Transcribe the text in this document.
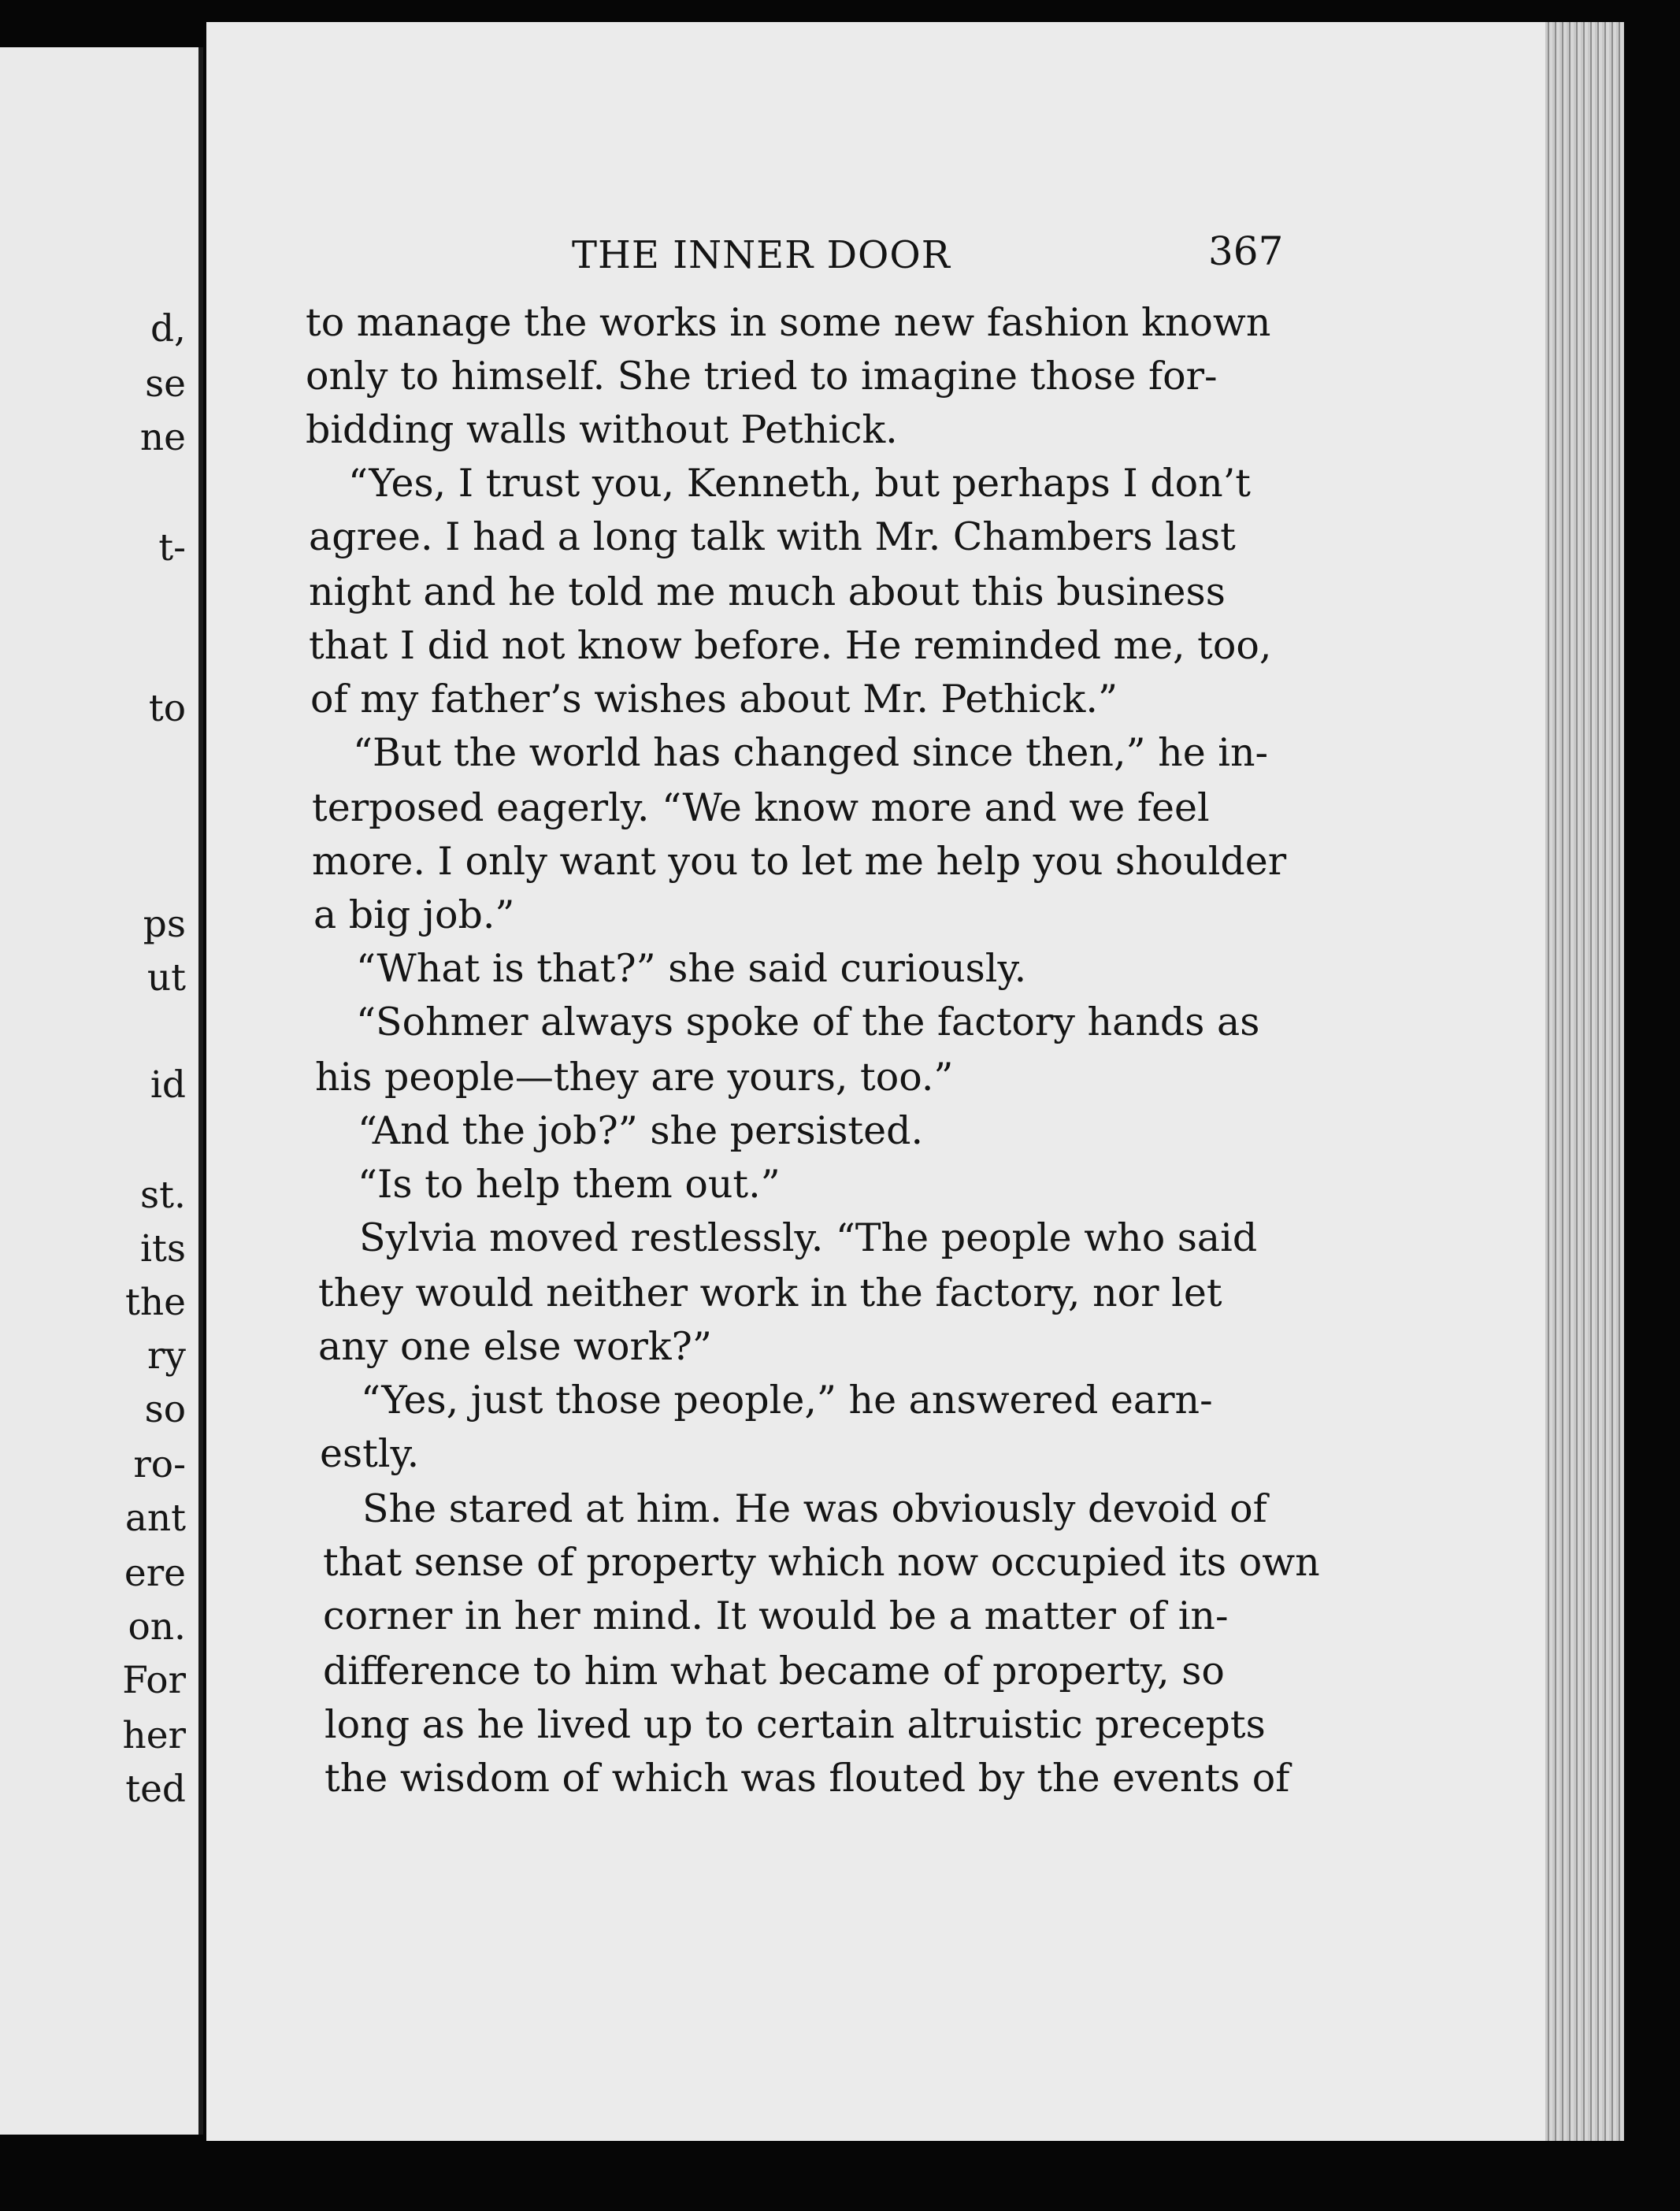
d,
se
ne
t-
to
ps
ut
id
st.
its
the
ry
so
ro-
ant
ere
on.
For
her
ted
THE INNER DOOR	367
to manage the works in some new fashion known
only to himself. She tried to imagine those for-
bidding walls without Pethick.
“Yes, I trust you, Kenneth, but perhaps I don’t
agree. I had a long talk with Mr. Chambers last
night and he told me much about this business
that I did not know before. He reminded me, too,
of my father’s wishes about Mr. Pethick.”
“But the world has changed since then,” he in-
terposed eagerly. “We know more and we feel
more. I only want you to let me help you shoulder
a big job.”
“What is that?” she said curiously.
“Sohmer always spoke of the factory hands as
his people—they are yours, too.”
“And the job?” she persisted.
“Is to help them out.”
Sylvia moved restlessly. “The people who said
they would neither work in the factory, nor let
any one else work?”
“Yes, just those people,” he answered earn-
estly.
She stared at him. He was obviously devoid of
that sense of property which now occupied its own
corner in her mind. It would be a matter of in-
difference to him what became of property, so
long as he lived up to certain altruistic precepts
the wisdom of which was flouted by the events of
